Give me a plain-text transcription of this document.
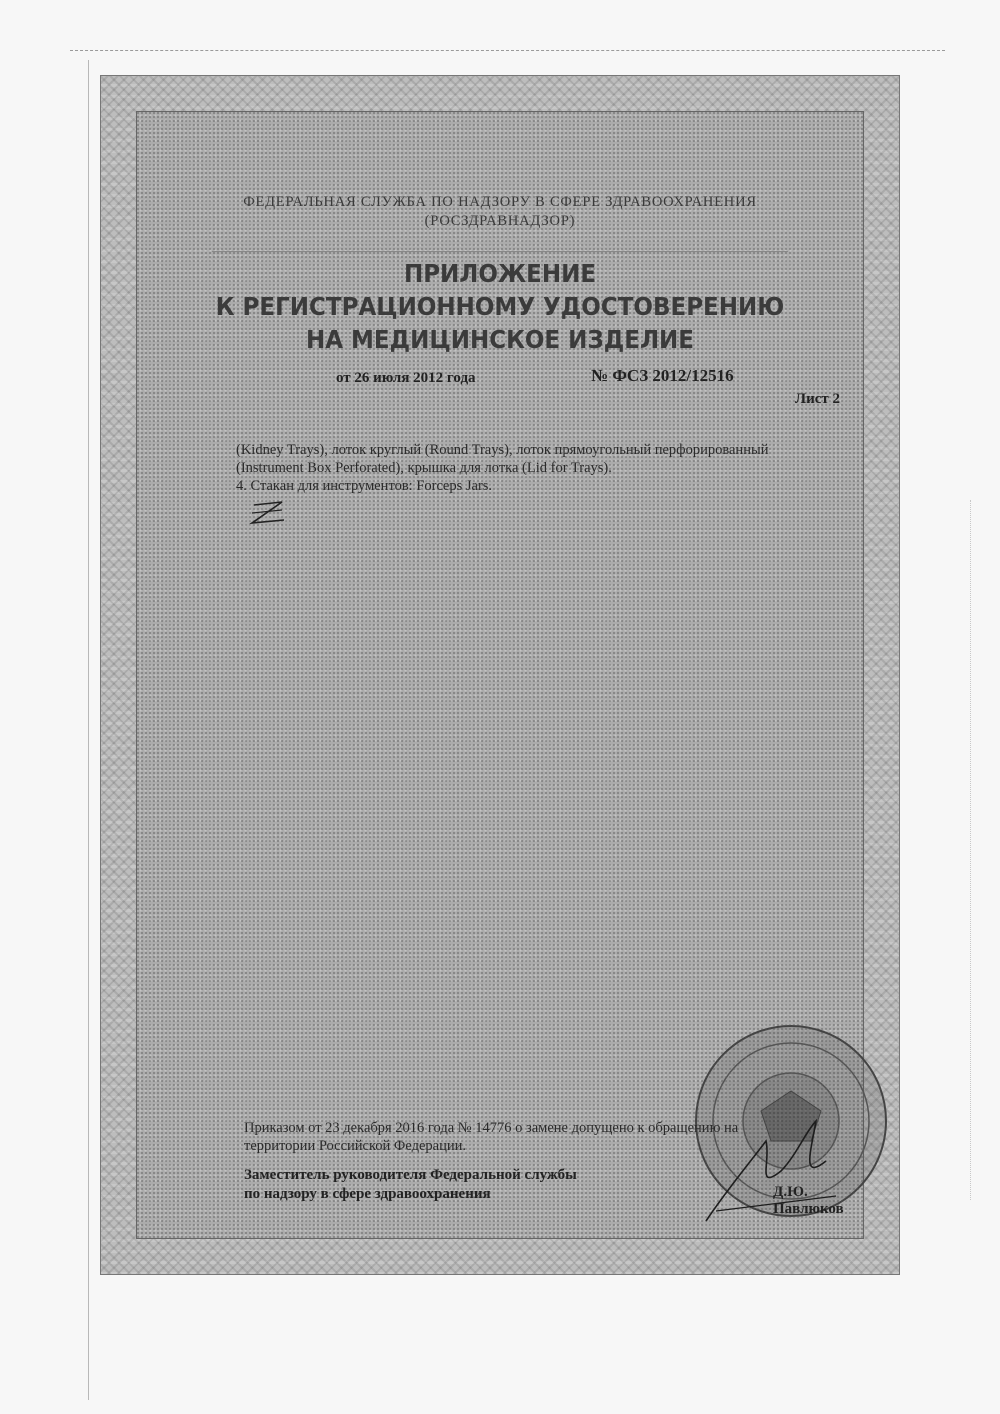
ФЕДЕРАЛЬНАЯ СЛУЖБА ПО НАДЗОРУ В СФЕРЕ ЗДРАВООХРАНЕНИЯ
(РОСЗДРАВНАДЗОР)
ПРИЛОЖЕНИЕ
К РЕГИСТРАЦИОННОМУ УДОСТОВЕРЕНИЮ
НА МЕДИЦИНСКОЕ ИЗДЕЛИЕ
от 26 июля 2012 года	№ ФСЗ 2012/12516
Лист 2
(Kidney Trays), лоток круглый (Round Trays), лоток прямоугольный перфорированный
(Instrument Box Perforated), крышка для лотка (Lid for Trays).
4. Стакан для инструментов: Forceps Jars.
Приказом от 23 декабря 2016 года № 14776 о замене допущено к обращению на
территории Российской Федерации.
Заместитель руководителя Федеральной службы
по надзору в сфере здравоохранения	Д.Ю. Павлюков
